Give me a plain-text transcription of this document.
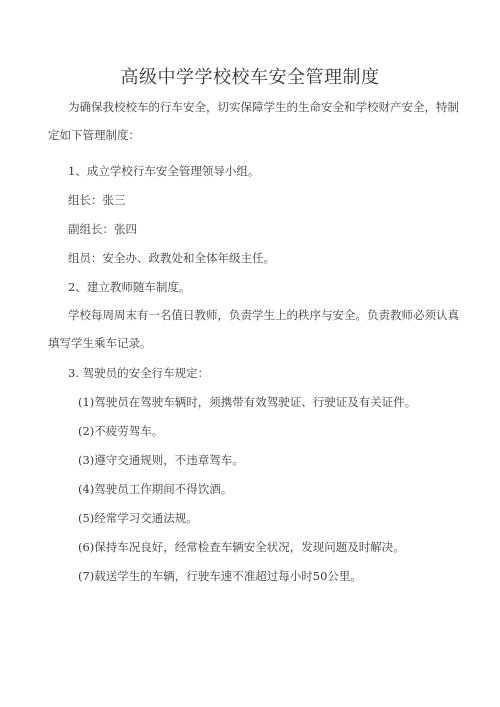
高级中学学校校车安全管理制度
为确保我校校车的行车安全，切实保障学生的生命安全和学校财产安全，特制
定如下管理制度：
1、成立学校行车安全管理领导小组。
组长：张三
副组长：张四
组员：安全办、政教处和全体年级主任。
2、建立教师随车制度。
学校每周周末有一名值日教师，负责学生上的秩序与安全。负责教师必须认真
填写学生乘车记录。
3. 驾驶员的安全行车规定：
(1)驾驶员在驾驶车辆时，须携带有效驾驶证、行驶证及有关证件。
(2)不疲劳驾车。
(3)遵守交通规则，不违章驾车。
(4)驾驶员工作期间不得饮酒。
(5)经常学习交通法规。
(6)保持车况良好，经常检查车辆安全状况，发现问题及时解决。
(7)载送学生的车辆，行驶车速不准超过每小时50公里。
